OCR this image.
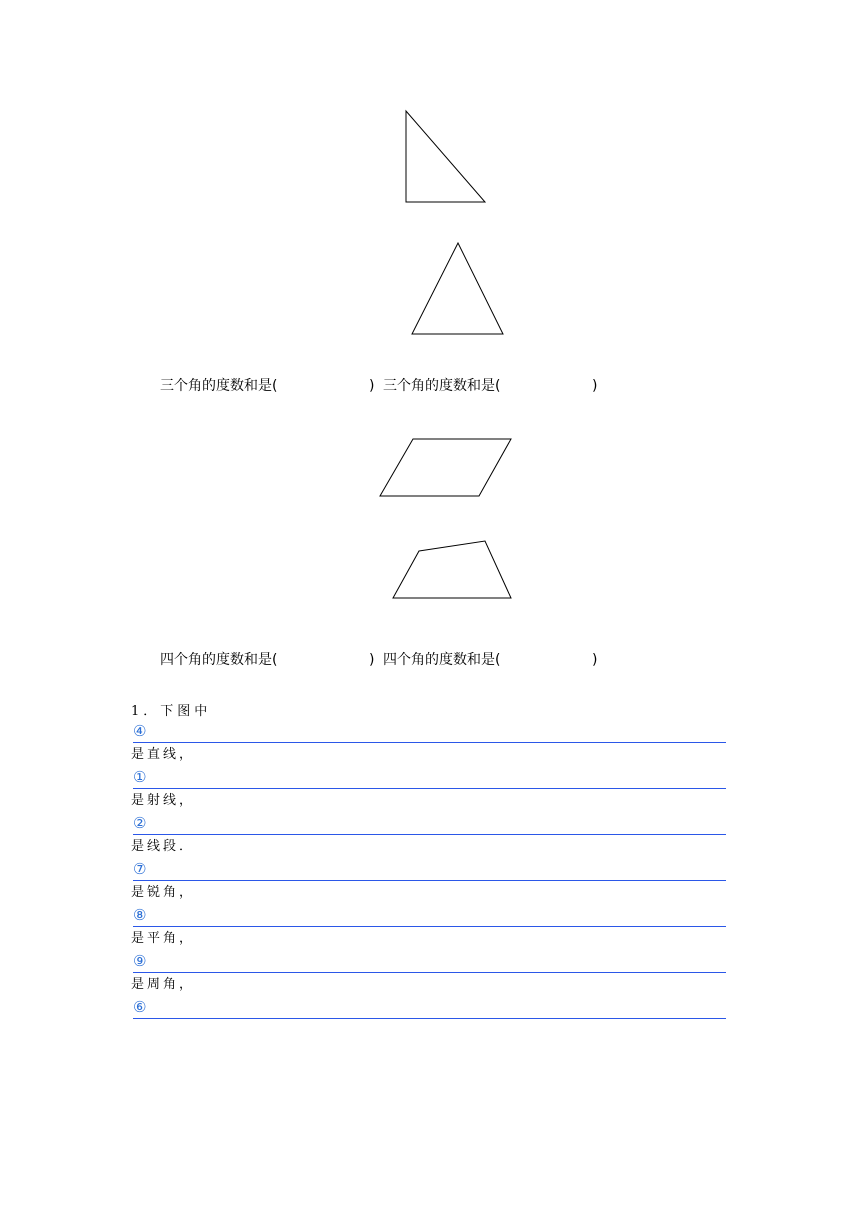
三个角的度数和是(	) 三个角的度数和是(	)
四个角的度数和是(	) 四个角的度数和是(	)
1．下图中
④
是直线，
①
是射线，
②
是线段．
⑦
是锐角，
⑧
是平角，
⑨
是周角，
⑥
